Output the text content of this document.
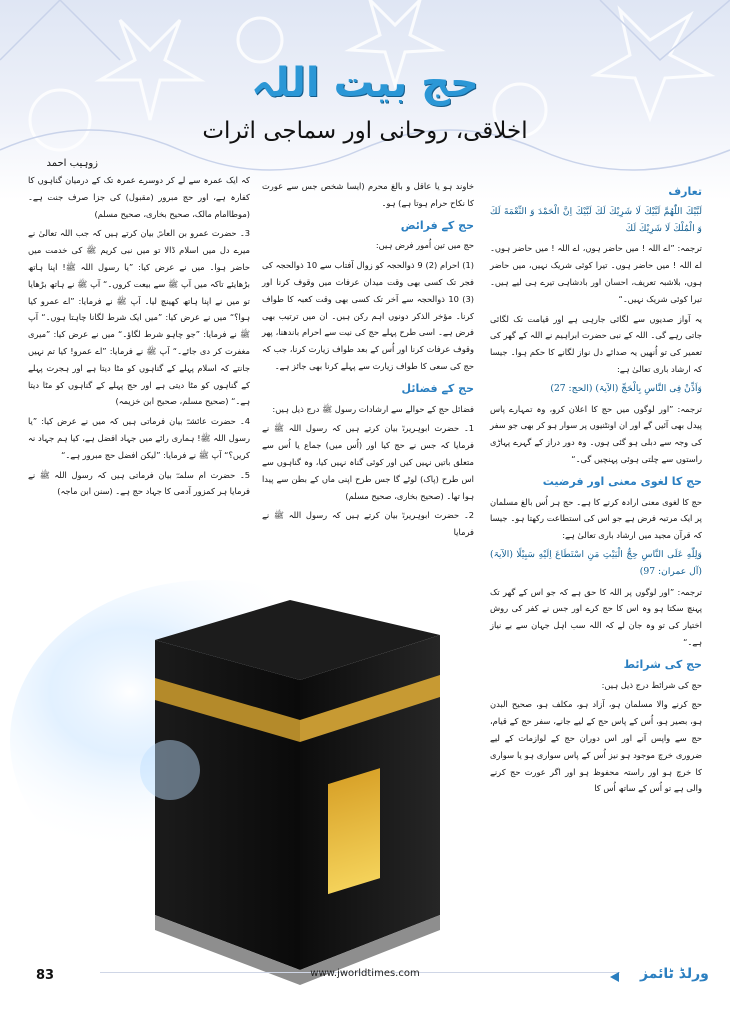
حج بیت اللہ
اخلاقی، روحانی اور سماجی اثرات
زوہیب احمد
تعارف

لَبَّيْكَ اللّٰهُمَّ لَبَّيْكَ لَا شَرِيْكَ لَكَ لَبَّيْكَ اِنَّ الْحَمْدَ وَ النِّعْمَةَ لَكَ وَ الْمُلْكَ لَا شَرِيْكَ لَكَ

ترجمہ: ”اے اللہ ! میں حاضر ہوں، اے اللہ ! میں حاضر ہوں۔ اے اللہ ! میں حاضر ہوں۔ تیرا کوئی شریک نہیں، میں حاضر ہوں، بلاشبہ تعریف، احسان اور بادشاہی تیرے ہی لیے ہیں۔ تیرا کوئی شریک نہیں۔“

یہ آواز صدیوں سے لگائی جارہی ہے اور قیامت تک لگائی جاتی رہے گی۔ اللہ کے نبی حضرت ابراہیم نے اللہ کے گھر کی تعمیر کی تو اُنھیں یہ صدائے دل نواز لگانے کا حکم ہوا۔ جیسا کہ ارشاد باری تعالیٰ ہے:

وَاَذِّنْ فِى النَّاسِ بِالْحَجِّ (الآیۃ) (الحج: 27)

ترجمہ: ”اور لوگوں میں حج کا اعلان کرو، وہ تمہارے پاس پیدل بھی آئیں گے اور ان اونٹنیوں پر سوار ہو کر بھی جو سفر کی وجہ سے دبلی ہو گئی ہوں۔ وہ دور دراز کے گہرے پہاڑی راستوں سے چلتی ہوئی پہنچیں گی۔“

حج کا لغوی معنی اور فرضیت

حج کا لغوی معنی ارادہ کرنے کا ہے۔ حج ہر اُس بالغ مسلمان پر ایک مرتبہ فرض ہے جو اس کی استطاعت رکھتا ہو۔ جیسا کہ قرآن مجید میں ارشاد باری تعالیٰ ہے:

وَلِلّٰهِ عَلَى النَّاسِ حِجُّ الْبَيْتِ مَنِ اسْتَطَاعَ اِلَيْهِ سَبِيْلًا (الآیۃ) (آل عمران: 97)

ترجمہ: ”اور لوگوں پر اللہ کا حق ہے کہ جو اس کے گھر تک پہنچ سکتا ہو وہ اس کا حج کرے اور جس نے کفر کی روش اختیار کی تو وہ جان لے کہ اللہ سب اہل جہان سے بے نیاز ہے۔“

حج کی شرائط

حج کی شرائط درج ذیل ہیں:

حج کرنے والا مسلمان ہو، آزاد ہو، مکلف ہو، صحیح البدن ہو، بصیر ہو، اُس کے پاس حج کے لیے جانے، سفر حج کے قیام، حج سے واپس آنے اور اس دوران حج کے لوازمات کے لیے ضروری خرچ موجود ہو نیز اُس کے پاس سواری ہو یا سواری کا خرچ ہو اور راستہ محفوظ ہو اور اگر عورت حج کرنے والی ہے تو اُس کے ساتھ اُس کا

خاوند ہو یا عاقل و بالغ محرم (ایسا شخص جس سے عورت کا نکاح حرام ہوتا ہے) ہو۔

حج کے فرائض

حج میں تین اُمور فرض ہیں:

(1) احرام (2) 9 ذوالحجہ کو زوال آفتاب سے 10 ذوالحجہ کی فجر تک کسی بھی وقت میدان عرفات میں وقوف کرنا اور (3) 10 ذوالحجہ سے آخر تک کسی بھی وقت کعبہ کا طواف کرنا۔ مؤخر الذکر دونوں اہم رکن ہیں۔ ان میں ترتیب بھی فرض ہے۔ اسی طرح پہلے حج کی نیت سے احرام باندھنا، پھر وقوف عرفات کرنا اور اُس کے بعد طواف زیارت کرنا، جب کہ حج کی سعی کا طواف زیارت سے پہلے کرنا بھی جائز ہے۔

حج کے فضائل

فضائل حج کے حوالے سے ارشادات رسول ﷺ درج ذیل ہیں:

1۔ حضرت ابوہریرہؓ بیان کرتے ہیں کہ رسول اللہ ﷺ نے فرمایا کہ جس نے حج کیا اور (اُس میں) جماع یا اُس سے متعلق باتیں نہیں کیں اور کوئی گناہ نہیں کیا، وہ گناہوں سے اس طرح (پاک) لوٹے گا جس طرح اپنی ماں کے بطن سے پیدا ہوا تھا۔ (صحیح بخاری، صحیح مسلم)

2۔ حضرت ابوہریرہؓ بیان کرتے ہیں کہ رسول اللہ ﷺ نے فرمایا

کہ ایک عمرہ سے لے کر دوسرے عمرہ تک کے درمیان گناہوں کا کفارہ ہے، اور حج مبرور (مقبول) کی جزا صرف جنت ہے۔ (موطاامام مالک، صحیح بخاری، صحیح مسلم)

3۔ حضرت عمرو بن العاصؓ بیان کرتے ہیں کہ جب اللہ تعالیٰ نے میرے دل میں اسلام ڈالا تو میں نبی کریم ﷺ کی خدمت میں حاضر ہوا۔ میں نے عرض کیا: ”یا رسول اللہ ﷺ! اپنا ہاتھ بڑھایئے تاکہ میں آپ ﷺ سے بیعت کروں۔“ آپ ﷺ نے ہاتھ بڑھایا تو میں نے اپنا ہاتھ کھینچ لیا۔ آپ ﷺ نے فرمایا: ”اے عمرو کیا ہوا؟“ میں نے عرض کیا: ”میں ایک شرط لگانا چاہتا ہوں۔“ آپ ﷺ نے فرمایا: ”جو چاہو شرط لگاؤ۔“ میں نے عرض کیا: ”میری مغفرت کر دی جائے۔“ آپ ﷺ نے فرمایا: ”اے عمرو! کیا تم نہیں جانتے کہ اسلام پہلے کے گناہوں کو مٹا دیتا ہے اور ہجرت پہلے کے گناہوں کو مٹا دیتی ہے اور حج پہلے کے گناہوں کو مٹا دیتا ہے۔“ (صحیح مسلم، صحیح ابن خزیمہ)

4۔ حضرت عائشہؓ بیان فرماتی ہیں کہ میں نے عرض کیا: ”یا رسول اللہ ﷺ! ہماری رائے میں جہاد افضل ہے، کیا ہم جہاد نہ کریں؟“ آپ ﷺ نے فرمایا: ”لیکن افضل حج مبرور ہے۔“

5۔ حضرت ام سلمہؓ بیان فرماتی ہیں کہ رسول اللہ ﷺ نے فرمایا ہر کمزور آدمی کا جہاد حج ہے۔ (سنن ابن ماجہ)

83	www.jworldtimes.com	ورلڈ ٹائمز
